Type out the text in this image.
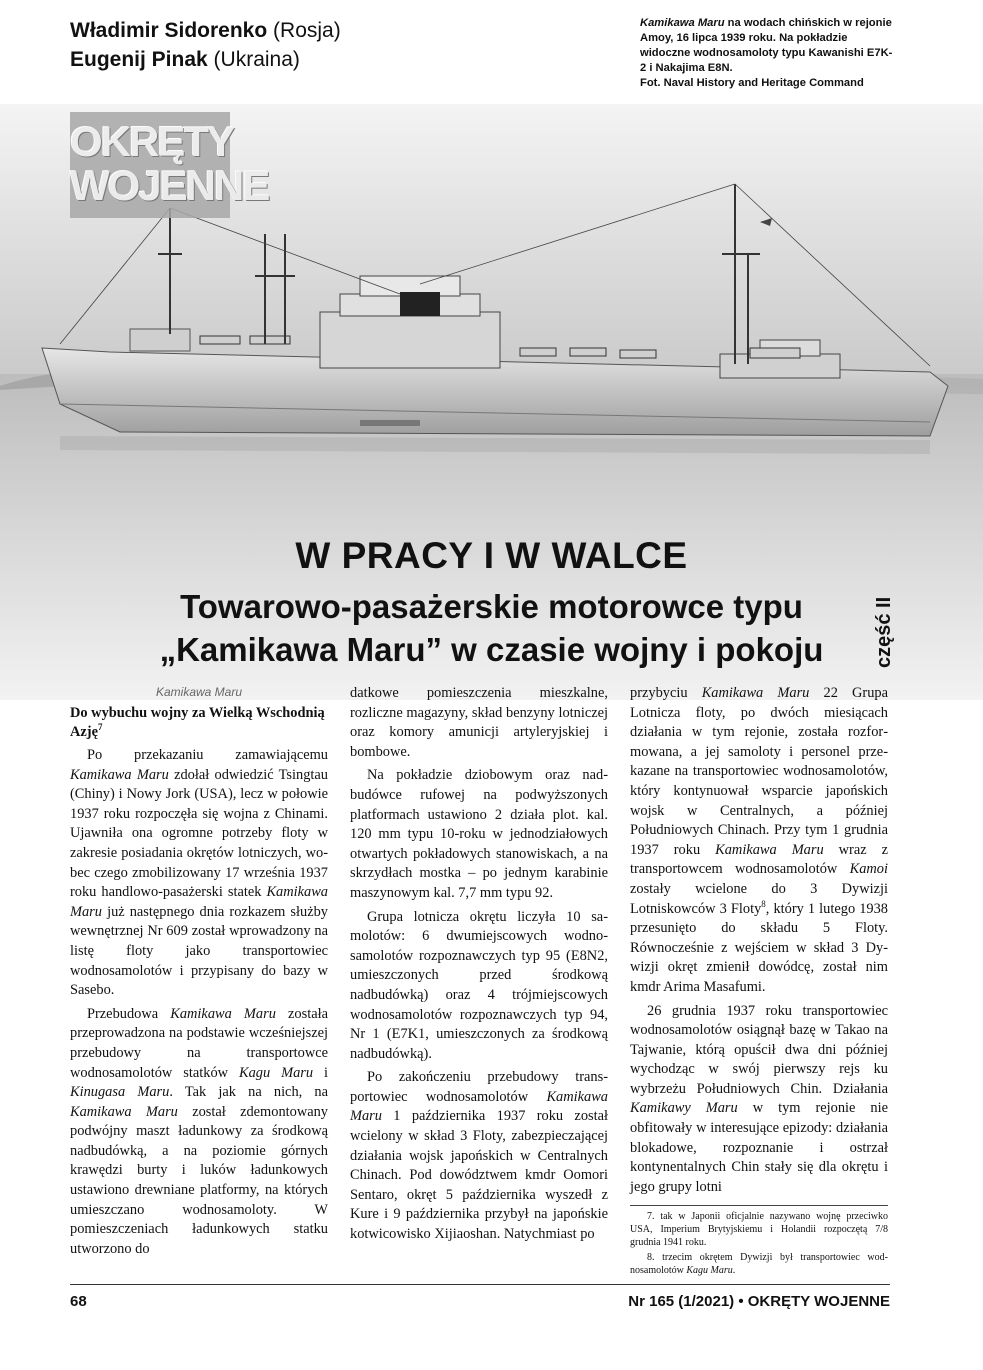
Władimir Sidorenko (Rosja)
Eugenij Pinak (Ukraina)
Kamikawa Maru na wodach chińskich w rejonie Amoy, 16 lipca 1939 roku. Na pokładzie widoczne wodnosamoloty typu Kawanishi E7K-2 i Nakajima E8N.
Fot. Naval History and Heritage Command
OKRĘTY
WOJENNE
W PRACY I W WALCE
Towarowo-pasażerskie motorowce typu
„Kamikawa Maru” w czasie wojny i pokoju	część II

Kamikawa Maru

Do wybuchu wojny za Wielką Wschodnią Azję$^7$

Po przekazaniu zamawiającemu Kamikawa Maru zdołał odwiedzić Tsingtau (Chiny) i Nowy Jork (USA), lecz w połowie 1937 roku rozpoczęła się wojna z Chinami. Ujawniła ona ogromne potrzeby floty w zakresie posiadania okrętów lotniczych, wobec czego zmobilizowany 17 września 1937 roku handlowo-pasażerski statek Kamikawa Maru już następnego dnia rozkazem służby wewnętrznej Nr 609 został wprowadzony na listę floty jako transportowiec wodnosamolotów i przypisany do bazy w Sasebo.

Przebudowa Kamikawa Maru została przeprowadzona na podstawie wcześniejszej przebudowy na transportowce wodnosamolotów statków Kagu Maru i Kinugasa Maru. Tak jak na nich, na Kamikawa Maru został zdemontowany podwójny maszt ładunkowy za środkową nadbudówką, a na poziomie górnych krawędzi burty i luków ładunkowych ustawiono drewniane platformy, na których umieszczano wodnosamoloty. W pomieszczeniach ładunkowych statku utworzono do

datkowe pomieszczenia mieszkalne, rozliczne magazyny, skład benzyny lotniczej oraz komory amunicji artyleryjskiej i bombowe.

Na pokładzie dziobowym oraz nadbudówce rufowej na podwyższonych platformach ustawiono 2 działa plot. kal. 120 mm typu 10-roku w jednodziałowych otwartych pokładowych stanowiskach, a na skrzydłach mostka – po jednym karabinie maszynowym kal. 7,7 mm typu 92.

Grupa lotnicza okrętu liczyła 10 samolotów: 6 dwumiejscowych wodnosamolotów rozpoznawczych typ 95 (E8N2, umieszczonych przed środkową nadbudówką) oraz 4 trójmiejscowych wodnosamolotów rozpoznawczych typ 94, Nr 1 (E7K1, umieszczonych za środkową nadbudówką).

Po zakończeniu przebudowy transportowiec wodnosamolotów Kamikawa Maru 1 października 1937 roku został wcielony w skład 3 Floty, zabezpieczającej działania wojsk japońskich w Centralnych Chinach. Pod dowództwem kmdr Oomori Sentaro, okręt 5 października wyszedł z Kure i 9 października przybył na japońskie kotwicowisko Xijiaoshan. Natychmiast po

przybyciu Kamikawa Maru 22 Grupa Lotnicza floty, po dwóch miesiącach działania w tym rejonie, została rozformowana, a jej samoloty i personel przekazane na transportowiec wodnosamolotów, który kontynuował wsparcie japońskich wojsk w Centralnych, a później Południowych Chinach. Przy tym 1 grudnia 1937 roku Kamikawa Maru wraz z transportowcem wodnosamolotów Kamoi zostały wcielone do 3 Dywizji Lotniskowców 3 Floty$^8$, który 1 lutego 1938 przesunięto do składu 5 Floty. Równocześnie z wejściem w skład 3 Dywizji okręt zmienił dowódcę, został nim kmdr Arima Masafumi.

26 grudnia 1937 roku transportowiec wodnosamolotów osiągnął bazę w Takao na Tajwanie, którą opuścił dwa dni później wychodząc w swój pierwszy rejs ku wybrzeżu Południowych Chin. Działania Kamikawy Maru w tym rejonie nie obfitowały w interesujące epizody: działania blokadowe, rozpoznanie i ostrzał kontynentalnych Chin stały się dla okrętu i jego grupy lotni

7. tak w Japonii oficjalnie nazywano wojnę przeciwko USA, Imperium Brytyjskiemu i Holandii rozpoczętą 7/8 grudnia 1941 roku.

8. trzecim okrętem Dywizji był transportowiec wodnosamolotów Kagu Maru.

68	Nr 165 (1/2021) • OKRĘTY WOJENNE
